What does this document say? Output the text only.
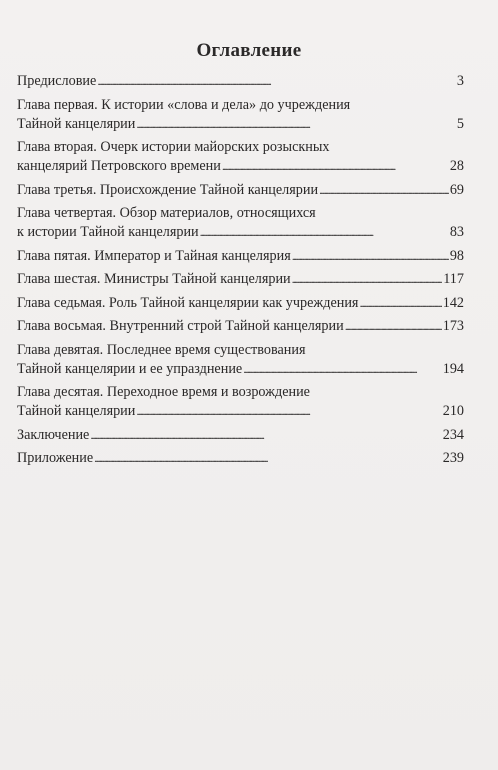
Оглавление
Предисловие . . .	3
Глава первая. К истории «слова и дела» до учреждения
Тайной канцелярии . . .	5
Глава вторая. Очерк истории майорских розыскных
канцелярий Петровского времени . . .	28
Глава третья. Происхождение Тайной канцелярии . . .	69
Глава четвертая. Обзор материалов, относящихся
к истории Тайной канцелярии . . .	83
Глава пятая. Император и Тайная канцелярия . . .	98
Глава шестая. Министры Тайной канцелярии . . .	117
Глава седьмая. Роль Тайной канцелярии как учреждения . . .	142
Глава восьмая. Внутренний строй Тайной канцелярии . . .	173
Глава девятая. Последнее время существования
Тайной канцелярии и ее упразднение . . .	194
Глава десятая. Переходное время и возрождение
Тайной канцелярии . . .	210
Заключение . . .	234
Приложение . . .	239
